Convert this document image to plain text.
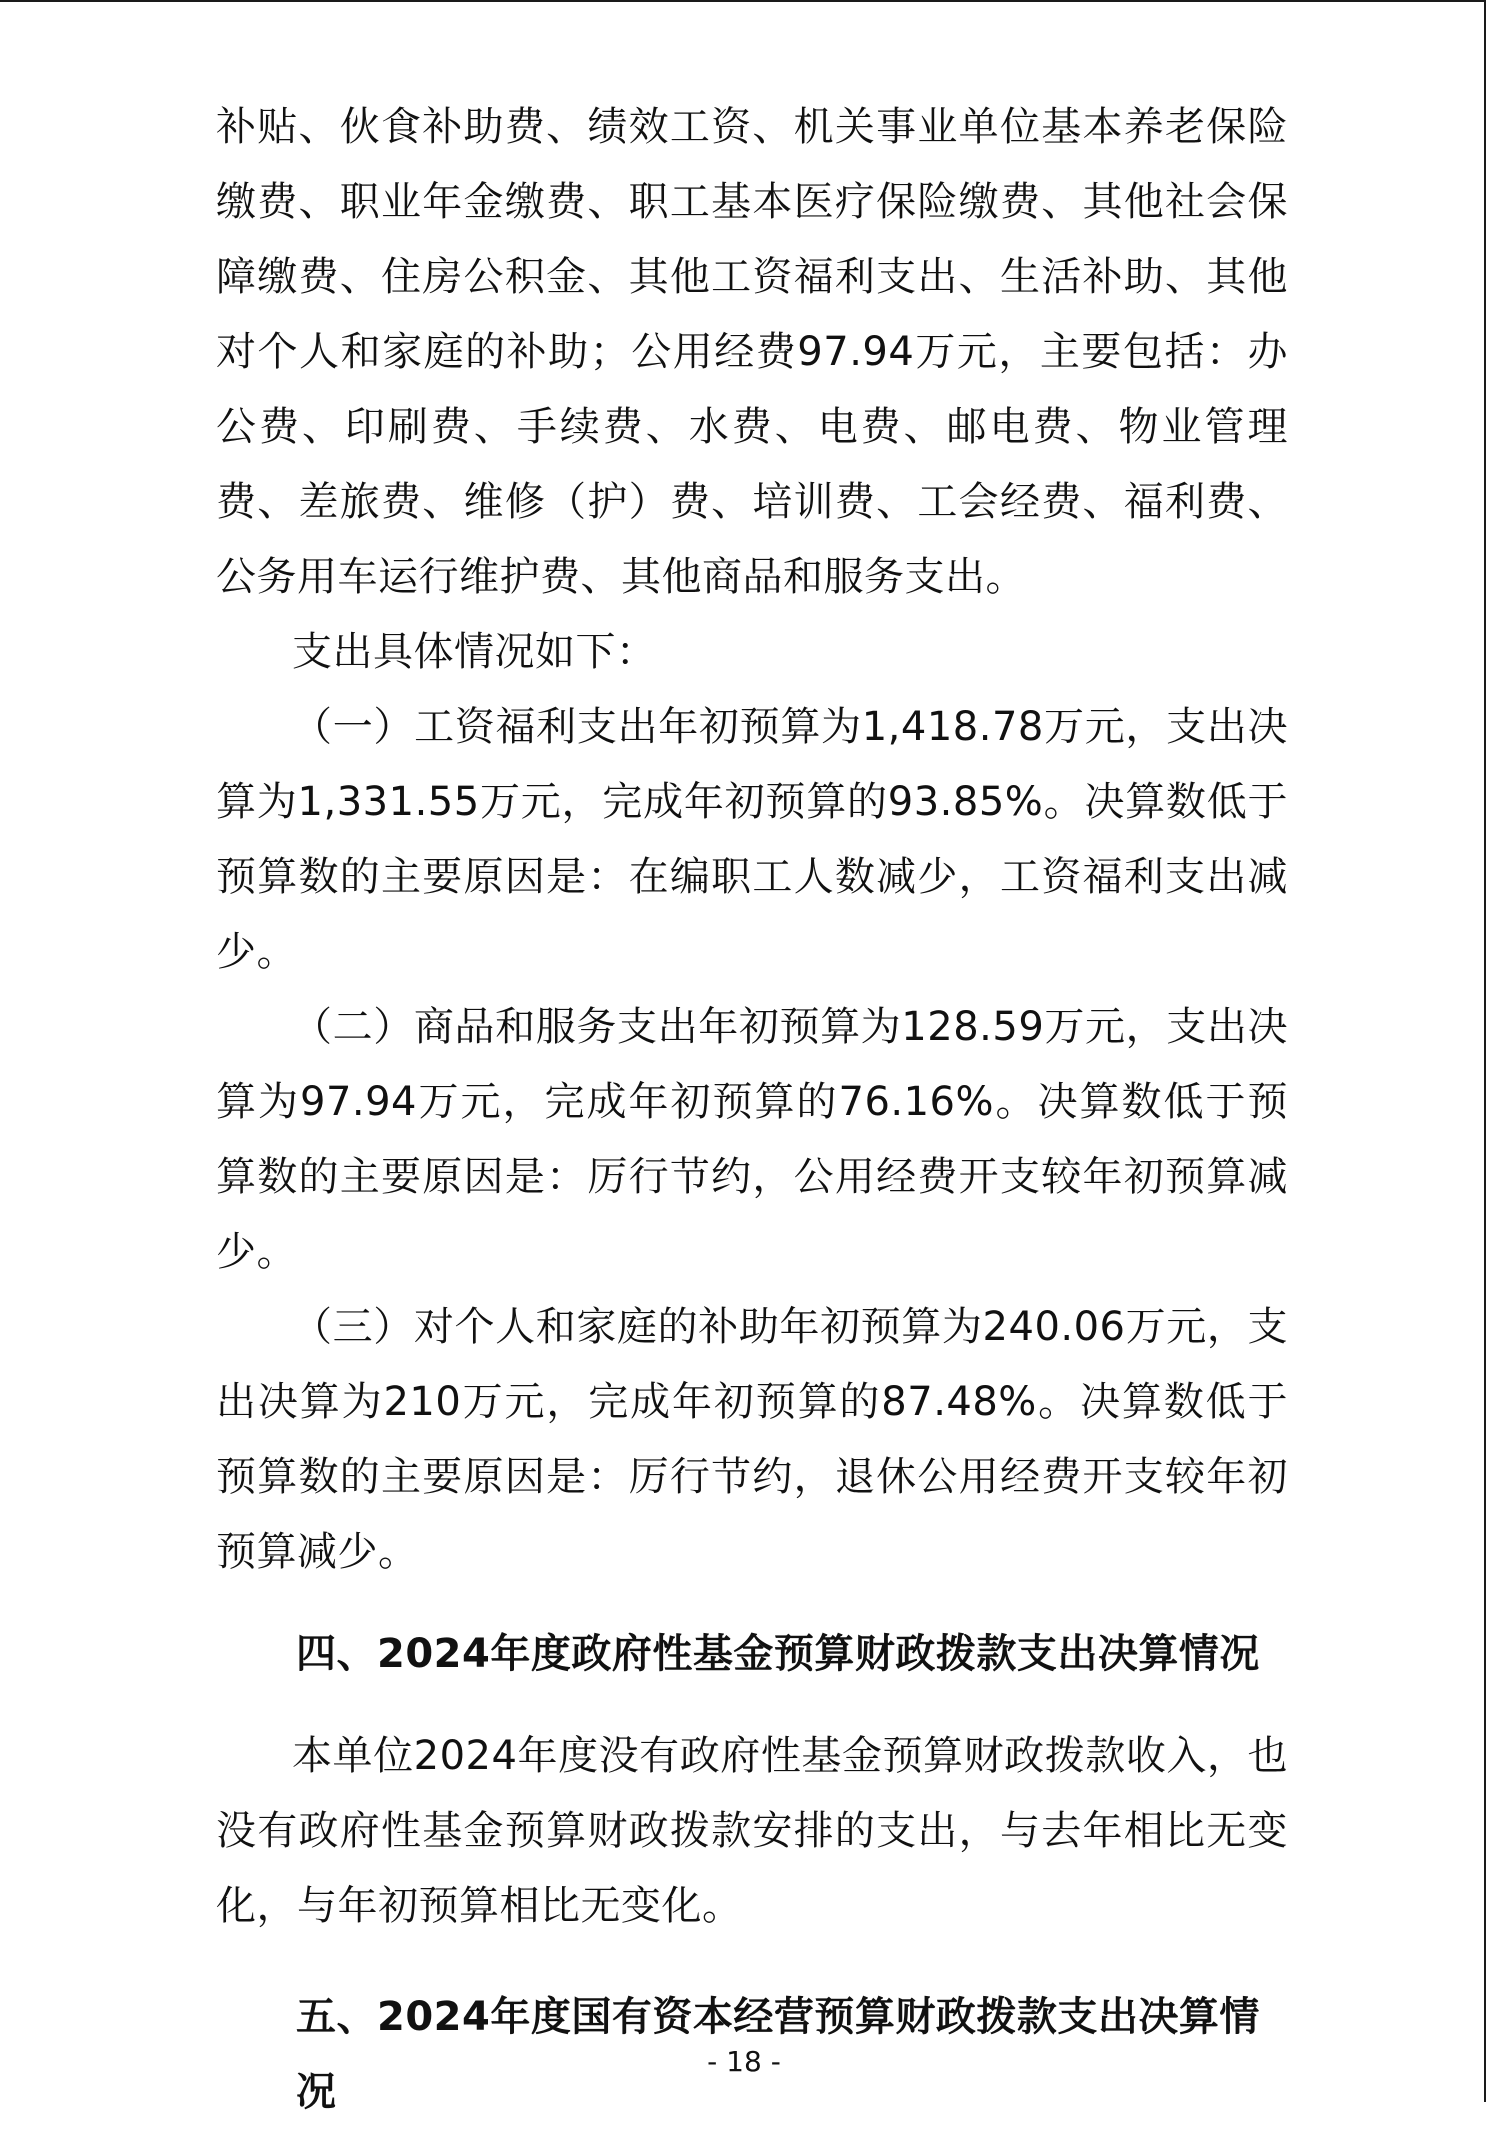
补贴、伙食补助费、绩效工资、机关事业单位基本养老保险缴费、职业年金缴费、职工基本医疗保险缴费、其他社会保障缴费、住房公积金、其他工资福利支出、生活补助、其他对个人和家庭的补助；公用经费97.94万元，主要包括：办公费、印刷费、手续费、水费、电费、邮电费、物业管理费、差旅费、维修（护）费、培训费、工会经费、福利费、公务用车运行维护费、其他商品和服务支出。

支出具体情况如下：

（一）工资福利支出年初预算为1,418.78万元，支出决算为1,331.55万元，完成年初预算的93.85%。决算数低于预算数的主要原因是：在编职工人数减少，工资福利支出减少。

（二）商品和服务支出年初预算为128.59万元，支出决算为97.94万元，完成年初预算的76.16%。决算数低于预算数的主要原因是：厉行节约，公用经费开支较年初预算减少。

（三）对个人和家庭的补助年初预算为240.06万元，支出决算为210万元，完成年初预算的87.48%。决算数低于预算数的主要原因是：厉行节约，退休公用经费开支较年初预算减少。

四、2024年度政府性基金预算财政拨款支出决算情况

本单位2024年度没有政府性基金预算财政拨款收入，也没有政府性基金预算财政拨款安排的支出，与去年相比无变化，与年初预算相比无变化。

五、2024年度国有资本经营预算财政拨款支出决算情况
- 18 -
